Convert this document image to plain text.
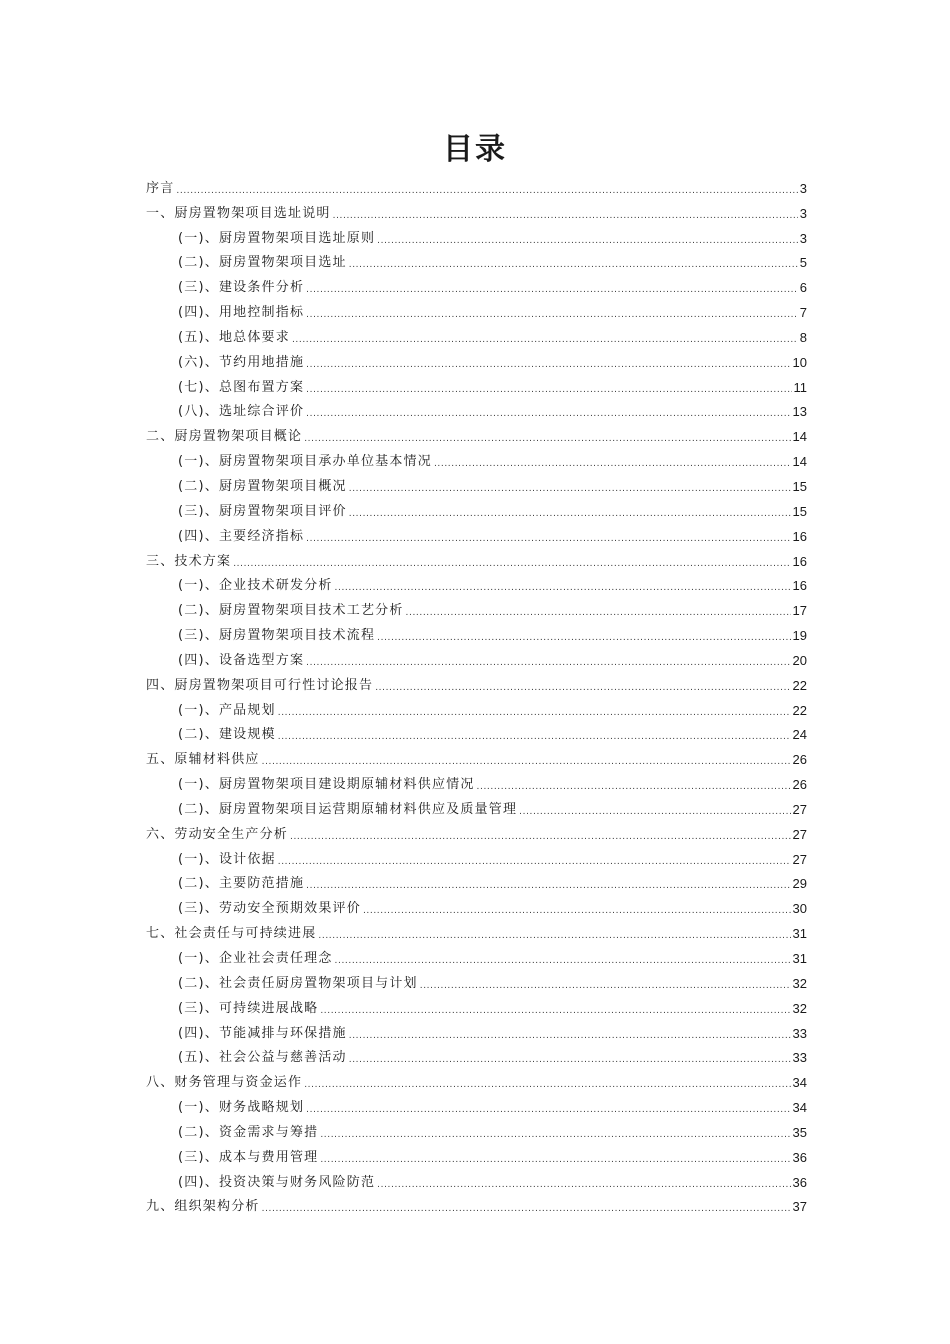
目录
序言 .....	3
一、厨房置物架项目选址说明 .....	3
(一)、厨房置物架项目选址原则 .....	3
(二)、厨房置物架项目选址 .....	5
(三)、建设条件分析 .....	6
(四)、用地控制指标 .....	7
(五)、地总体要求 .....	8
(六)、节约用地措施 .....	10
(七)、总图布置方案 .....	11
(八)、选址综合评价 .....	13
二、厨房置物架项目概论 .....	14
(一)、厨房置物架项目承办单位基本情况 .....	14
(二)、厨房置物架项目概况 .....	15
(三)、厨房置物架项目评价 .....	15
(四)、主要经济指标 .....	16
三、技术方案 .....	16
(一)、企业技术研发分析 .....	16
(二)、厨房置物架项目技术工艺分析 .....	17
(三)、厨房置物架项目技术流程 .....	19
(四)、设备选型方案 .....	20
四、厨房置物架项目可行性讨论报告 .....	22
(一)、产品规划 .....	22
(二)、建设规模 .....	24
五、原辅材料供应 .....	26
(一)、厨房置物架项目建设期原辅材料供应情况 .....	26
(二)、厨房置物架项目运营期原辅材料供应及质量管理 .....	27
六、劳动安全生产分析 .....	27
(一)、设计依据 .....	27
(二)、主要防范措施 .....	29
(三)、劳动安全预期效果评价 .....	30
七、社会责任与可持续进展 .....	31
(一)、企业社会责任理念 .....	31
(二)、社会责任厨房置物架项目与计划 .....	32
(三)、可持续进展战略 .....	32
(四)、节能减排与环保措施 .....	33
(五)、社会公益与慈善活动 .....	33
八、财务管理与资金运作 .....	34
(一)、财务战略规划 .....	34
(二)、资金需求与筹措 .....	35
(三)、成本与费用管理 .....	36
(四)、投资决策与财务风险防范 .....	36
九、组织架构分析 .....	37
